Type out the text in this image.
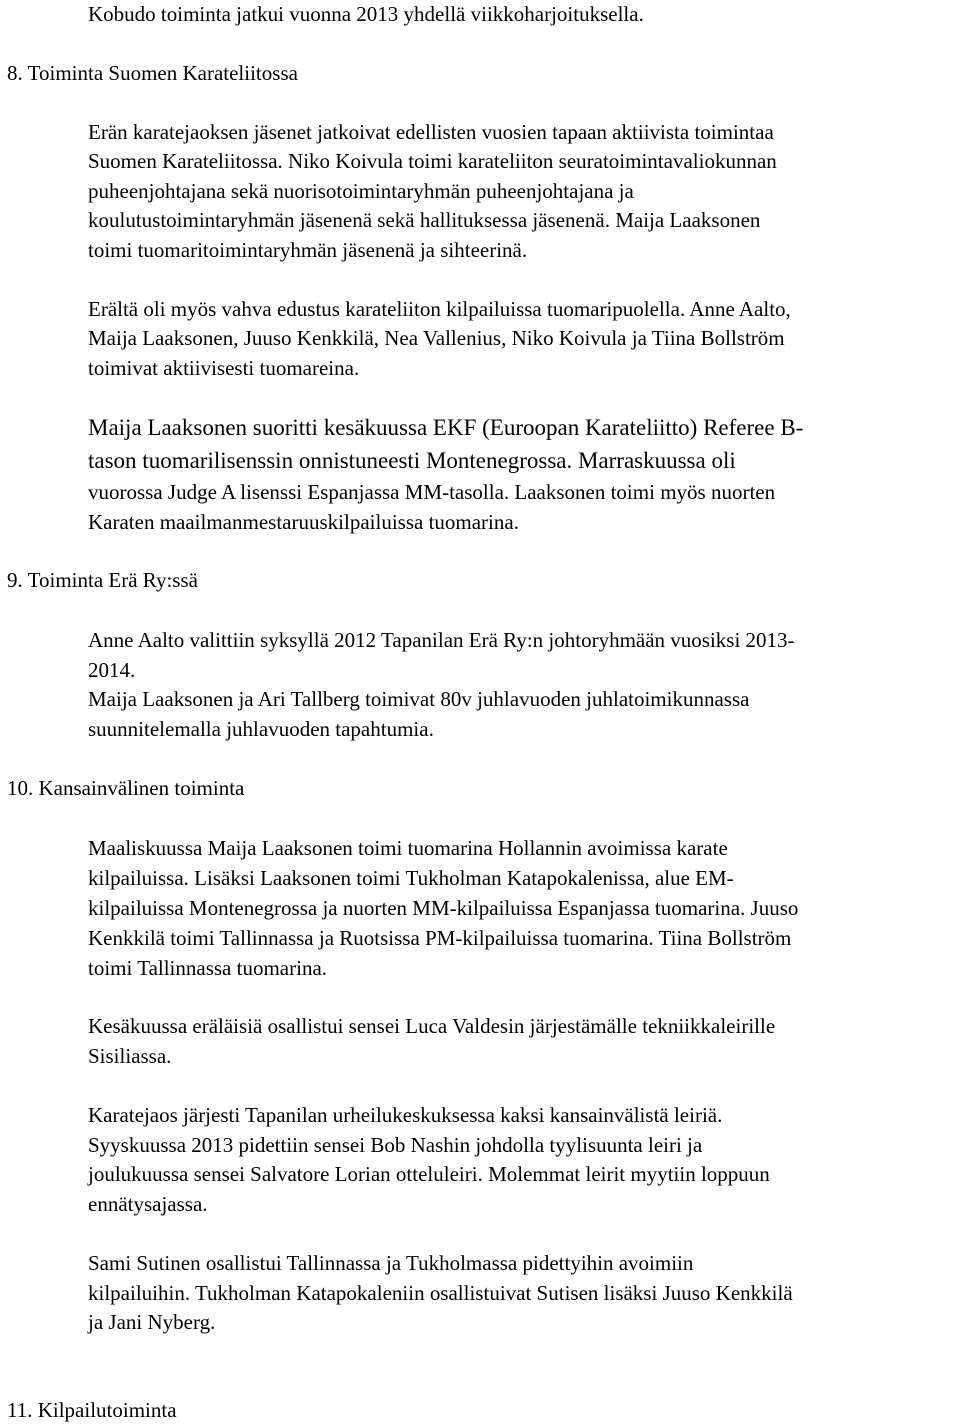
Kobudo toiminta jatkui vuonna 2013 yhdellä viikkoharjoituksella.

8. Toiminta Suomen Karateliitossa

Erän karatejaoksen jäsenet jatkoivat edellisten vuosien tapaan aktiivista toimintaa

Suomen Karateliitossa. Niko Koivula toimi karateliiton seuratoimintavaliokunnan

puheenjohtajana sekä nuorisotoimintaryhmän puheenjohtajana ja

koulutustoimintaryhmän jäsenenä sekä hallituksessa jäsenenä. Maija Laaksonen

toimi tuomaritoimintaryhmän jäsenenä ja sihteerinä.

Erältä oli myös vahva edustus karateliiton kilpailuissa tuomaripuolella. Anne Aalto,

Maija Laaksonen, Juuso Kenkkilä, Nea Vallenius, Niko Koivula ja Tiina Bollström

toimivat aktiivisesti tuomareina.

Maija Laaksonen suoritti kesäkuussa EKF (Euroopan Karateliitto) Referee B-

tason tuomarilisenssin onnistuneesti Montenegrossa. Marraskuussa oli

vuorossa Judge A lisenssi Espanjassa MM-tasolla. Laaksonen toimi myös nuorten

Karaten maailmanmestaruuskilpailuissa tuomarina.

9. Toiminta Erä Ry:ssä

Anne Aalto valittiin syksyllä 2012 Tapanilan Erä Ry:n johtoryhmään vuosiksi 2013-

2014.

Maija Laaksonen ja Ari Tallberg toimivat 80v juhlavuoden juhlatoimikunnassa

suunnitelemalla juhlavuoden tapahtumia.

10. Kansainvälinen toiminta

Maaliskuussa Maija Laaksonen toimi tuomarina Hollannin avoimissa karate

kilpailuissa. Lisäksi Laaksonen toimi Tukholman Katapokalenissa, alue EM-

kilpailuissa Montenegrossa ja nuorten MM-kilpailuissa Espanjassa tuomarina. Juuso

Kenkkilä toimi Tallinnassa ja Ruotsissa PM-kilpailuissa tuomarina. Tiina Bollström

toimi Tallinnassa tuomarina.

Kesäkuussa eräläisiä osallistui sensei Luca Valdesin järjestämälle tekniikkaleirille

Sisiliassa.

Karatejaos järjesti Tapanilan urheilukeskuksessa kaksi kansainvälistä leiriä.

Syyskuussa 2013 pidettiin sensei Bob Nashin johdolla tyylisuunta leiri ja

joulukuussa sensei Salvatore Lorian otteluleiri. Molemmat leirit myytiin loppuun

ennätysajassa.

Sami Sutinen osallistui Tallinnassa ja Tukholmassa pidettyihin avoimiin

kilpailuihin. Tukholman Katapokaleniin osallistuivat Sutisen lisäksi Juuso Kenkkilä

ja Jani Nyberg.

11. Kilpailutoiminta
